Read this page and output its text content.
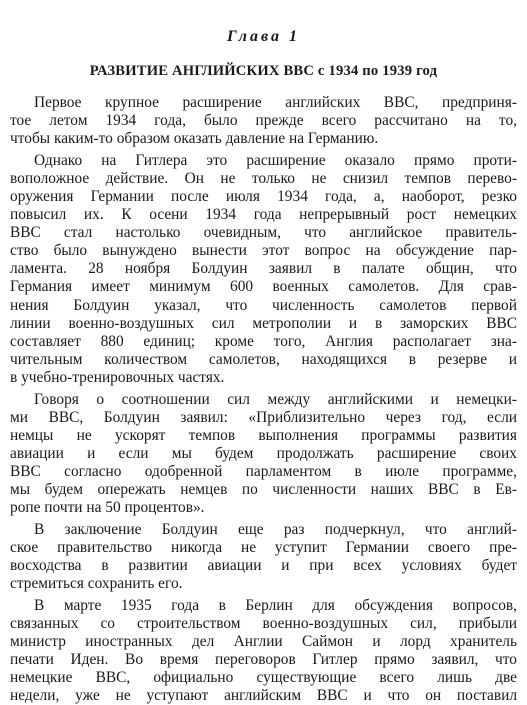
Глава 1
РАЗВИТИЕ АНГЛИЙСКИХ ВВС с 1934 по 1939 год
Первое крупное расширение английских ВВС, предприня-
тое летом 1934 года, было прежде всего рассчитано на то,
чтобы каким-то образом оказать давление на Германию.
Однако на Гитлера это расширение оказало прямо проти-
воположное действие. Он не только не снизил темпов перево-
оружения Германии после июля 1934 года, а, наоборот, резко
повысил их. К осени 1934 года непрерывный рост немецких
ВВС стал настолько очевидным, что английское правитель-
ство было вынуждено вынести этот вопрос на обсуждение пар-
ламента. 28 ноября Болдуин заявил в палате общин, что
Германия имеет минимум 600 военных самолетов. Для срав-
нения Болдуин указал, что численность самолетов первой
линии военно-воздушных сил метрополии и в заморских ВВС
составляет 880 единиц; кроме того, Англия располагает зна-
чительным количеством самолетов, находящихся в резерве и
в учебно-тренировочных частях.
Говоря о соотношении сил между английскими и немецки-
ми ВВС, Болдуин заявил: «Приблизительно через год, если
немцы не ускорят темпов выполнения программы развития
авиации и если мы будем продолжать расширение своих
ВВС согласно одобренной парламентом в июле программе,
мы будем опережать немцев по численности наших ВВС в Ев-
ропе почти на 50 процентов».
В заключение Болдуин еще раз подчеркнул, что англий-
ское правительство никогда не уступит Германии своего пре-
восходства в развитии авиации и при всех условиях будет
стремиться сохранить его.
В марте 1935 года в Берлин для обсуждения вопросов,
связанных со строительством военно-воздушных сил, прибыли
министр иностранных дел Англии Саймон и лорд хранитель
печати Иден. Во время переговоров Гитлер прямо заявил, что
немецкие ВВС, официально существующие всего лишь две
недели, уже не уступают английским ВВС и что он поставил
